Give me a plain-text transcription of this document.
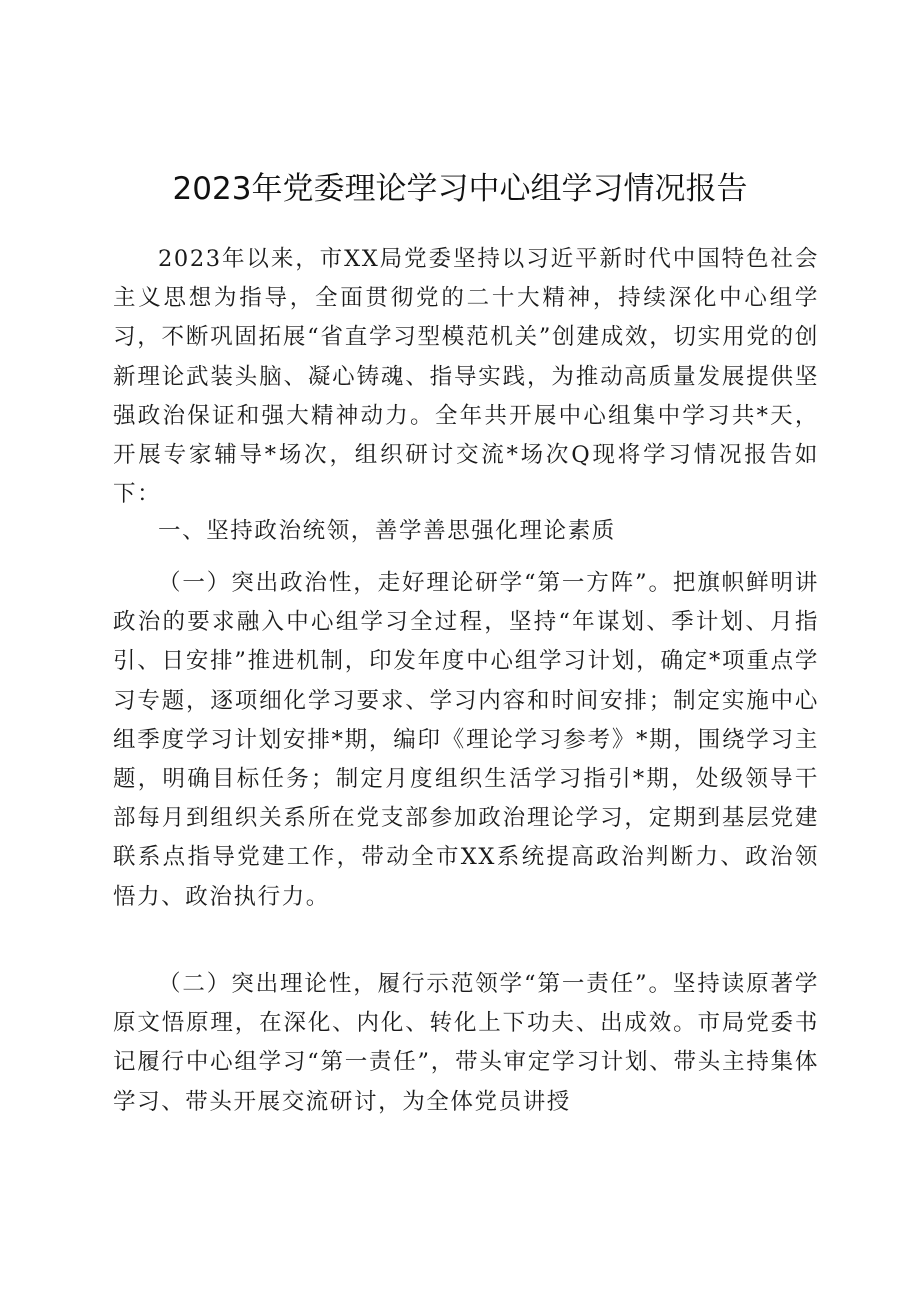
2023年党委理论学习中心组学习情况报告

2023年以来，市XX局党委坚持以习近平新时代中国特色社会主义思想为指导，全面贯彻党的二十大精神，持续深化中心组学习，不断巩固拓展“省直学习型模范机关”创建成效，切实用党的创新理论武装头脑、凝心铸魂、指导实践，为推动高质量发展提供坚强政治保证和强大精神动力。全年共开展中心组集中学习共*天，开展专家辅导*场次，组织研讨交流*场次Q现将学习情况报告如下：

一、坚持政治统领，善学善思强化理论素质

（一）突出政治性，走好理论研学“第一方阵”。把旗帜鲜明讲政治的要求融入中心组学习全过程，坚持“年谋划、季计划、月指引、日安排”推进机制，印发年度中心组学习计划，确定*项重点学习专题，逐项细化学习要求、学习内容和时间安排；制定实施中心组季度学习计划安排*期，编印《理论学习参考》*期，围绕学习主题，明确目标任务；制定月度组织生活学习指引*期，处级领导干部每月到组织关系所在党支部参加政治理论学习，定期到基层党建联系点指导党建工作，带动全市XX系统提高政治判断力、政治领悟力、政治执行力。

（二）突出理论性，履行示范领学“第一责任”。坚持读原著学原文悟原理，在深化、内化、转化上下功夫、出成效。市局党委书记履行中心组学习“第一责任”，带头审定学习计划、带头主持集体学习、带头开展交流研讨，为全体党员讲授
